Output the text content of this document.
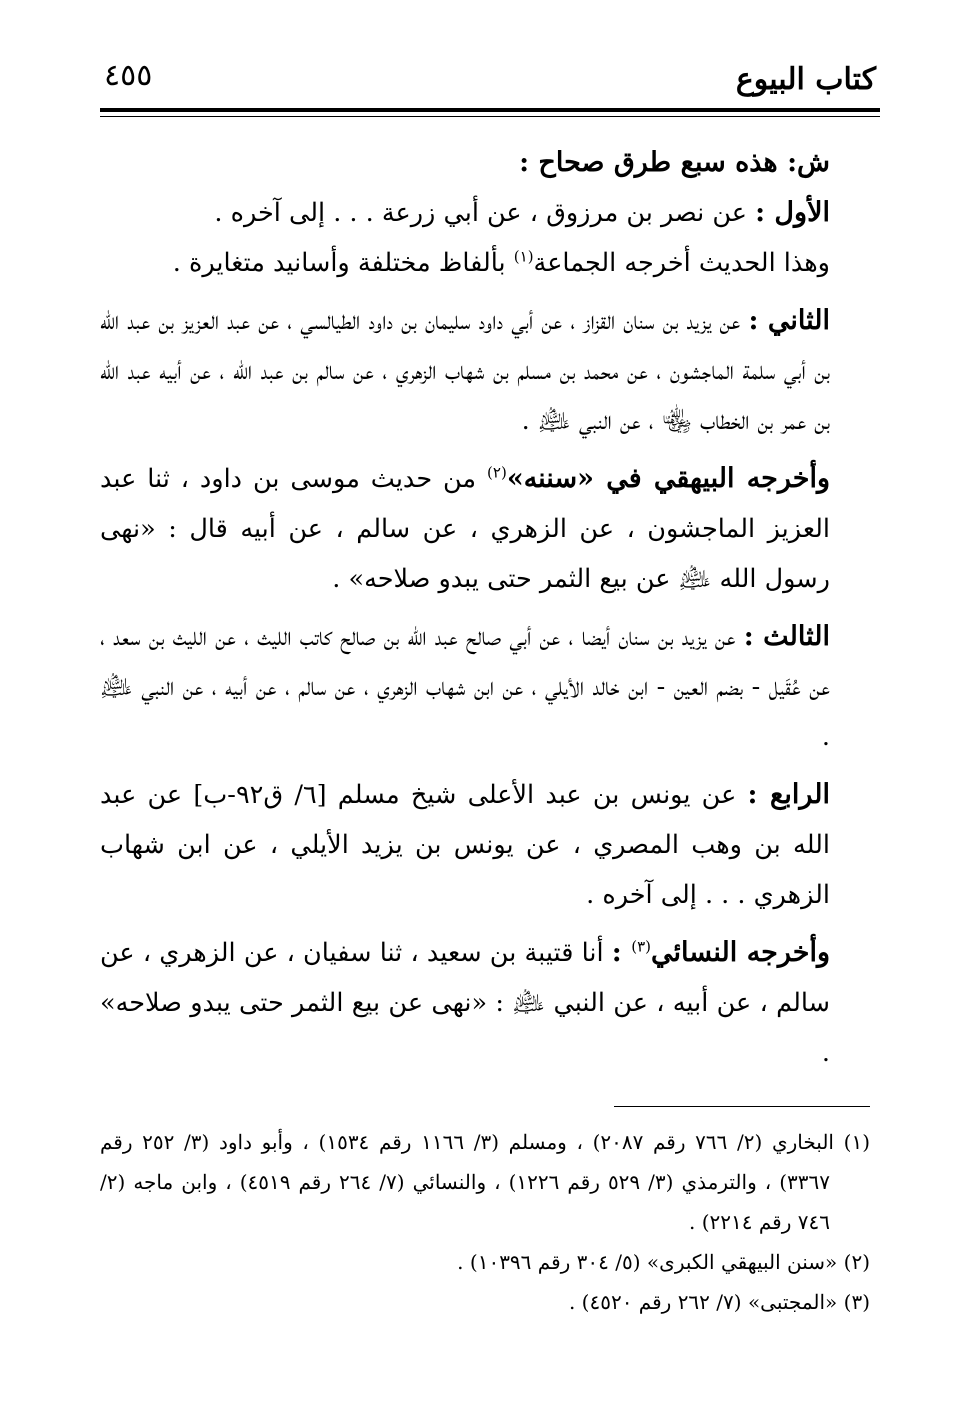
كتاب البيوع
٤٥٥

ش: هذه سبع طرق صحاح :

الأول : عن نصر بن مرزوق ، عن أبي زرعة . . . إلى آخره .

وهذا الحديث أخرجه الجماعة$^{(١)}$ بألفاظ مختلفة وأسانيد متغايرة .

الثاني : عن يزيد بن سنان القزاز ، عن أبي داود سليمان بن داود الطيالسي ، عن عبد العزيز بن عبد الله بن أبي سلمة الماجشون ، عن محمد بن مسلم بن شهاب الزهري ، عن سالم بن عبد الله ، عن أبيه عبد الله بن عمر بن الخطاب ﵄ ، عن النبي ﵇ .

وأخرجه البيهقي في «سننه»$^{(٢)}$ من حديث موسى بن داود ، ثنا عبد العزيز الماجشون ، عن الزهري ، عن سالم ، عن أبيه قال : «نهى رسول الله ﵇ عن بيع الثمر حتى يبدو صلاحه» .

الثالث : عن يزيد بن سنان أيضا ، عن أبي صالح عبد الله بن صالح كاتب الليث ، عن الليث بن سعد ، عن عُقَيل - بضم العين - ابن خالد الأيلي ، عن ابن شهاب الزهري ، عن سالم ، عن أبيه ، عن النبي ﵇ .

الرابع : عن يونس بن عبد الأعلى شيخ مسلم [٦/ ق٩٢-ب] عن عبد الله بن وهب المصري ، عن يونس بن يزيد الأيلي ، عن ابن شهاب الزهري . . . إلى آخره .

وأخرجه النسائي$^{(٣)}$ : أنا قتيبة بن سعيد ، ثنا سفيان ، عن الزهري ، عن سالم ، عن أبيه ، عن النبي ﵇ : «نهى عن بيع الثمر حتى يبدو صلاحه» .

(١) البخاري (٢/ ٧٦٦ رقم ٢٠٨٧) ، ومسلم (٣/ ١١٦٦ رقم ١٥٣٤) ، وأبو داود (٣/ ٢٥٢ رقم ٣٣٦٧) ، والترمذي (٣/ ٥٢٩ رقم ١٢٢٦) ، والنسائي (٧/ ٢٦٤ رقم ٤٥١٩) ، وابن ماجه (٢/ ٧٤٦ رقم ٢٢١٤) .

(٢) «سنن البيهقي الكبرى» (٥/ ٣٠٤ رقم ١٠٣٩٦) .

(٣) «المجتبى» (٧/ ٢٦٢ رقم ٤٥٢٠) .
